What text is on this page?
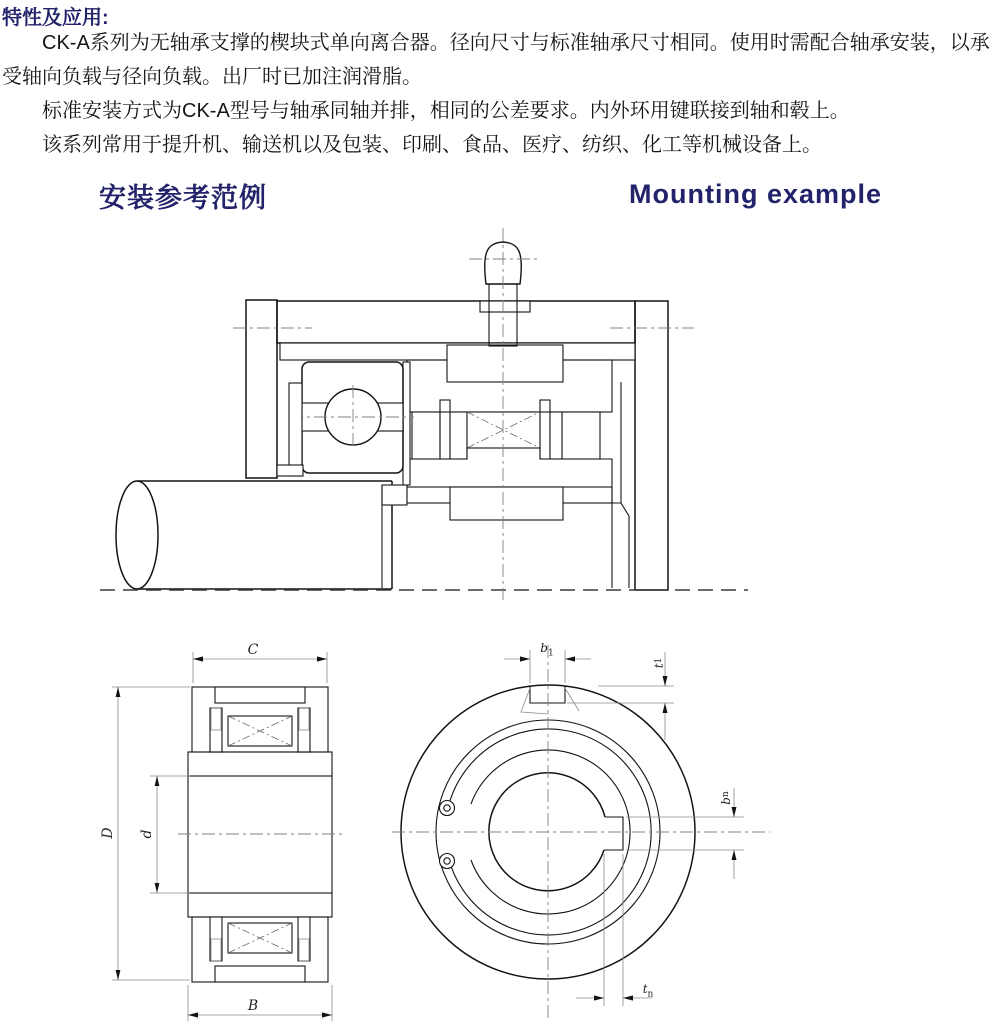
特性及应用:

CK-A系列为无轴承支撑的楔块式单向离合器。径向尺寸与标准轴承尺寸相同。使用时需配合轴承安装，以承受轴向负载与径向负载。出厂时已加注润滑脂。

标准安装方式为CK-A型号与轴承同轴并排，相同的公差要求。内外环用键联接到轴和毂上。

该系列常用于提升机、输送机以及包装、印刷、食品、医疗、纺织、化工等机械设备上。

安装参考范例	Mounting example
C
D d
B
$b_1$
t
1
b
n
$t_n$
